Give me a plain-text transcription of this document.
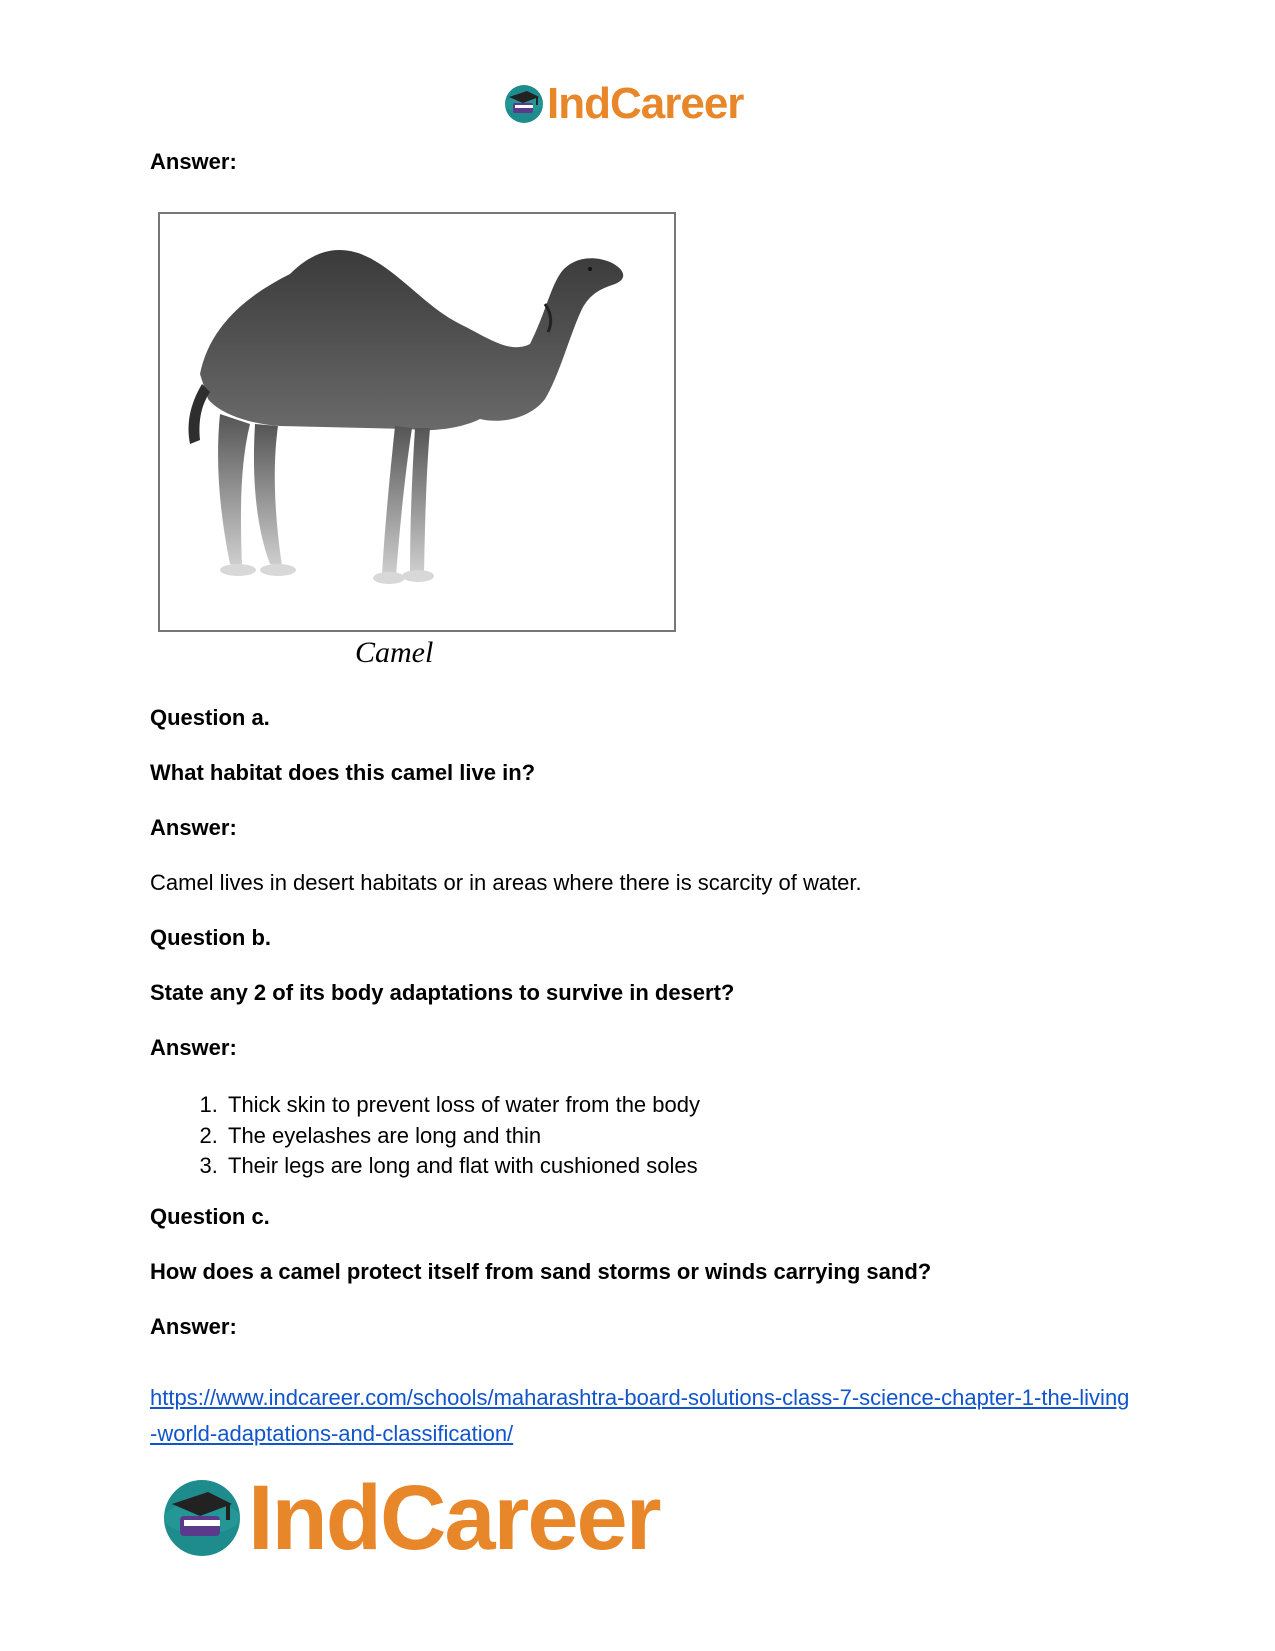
IndCareer
Answer:
Camel
Question a.
What habitat does this camel live in?
Answer:
Camel lives in desert habitats or in areas where there is scarcity of water.
Question b.
State any 2 of its body adaptations to survive in desert?
Answer:
1. Thick skin to prevent loss of water from the body
2. The eyelashes are long and thin
3. Their legs are long and flat with cushioned soles
Question c.
How does a camel protect itself from sand storms or winds carrying sand?
Answer:
https://www.indcareer.com/schools/maharashtra-board-solutions-class-7-science-chapter-1-the-living-world-adaptations-and-classification/
IndCareer
